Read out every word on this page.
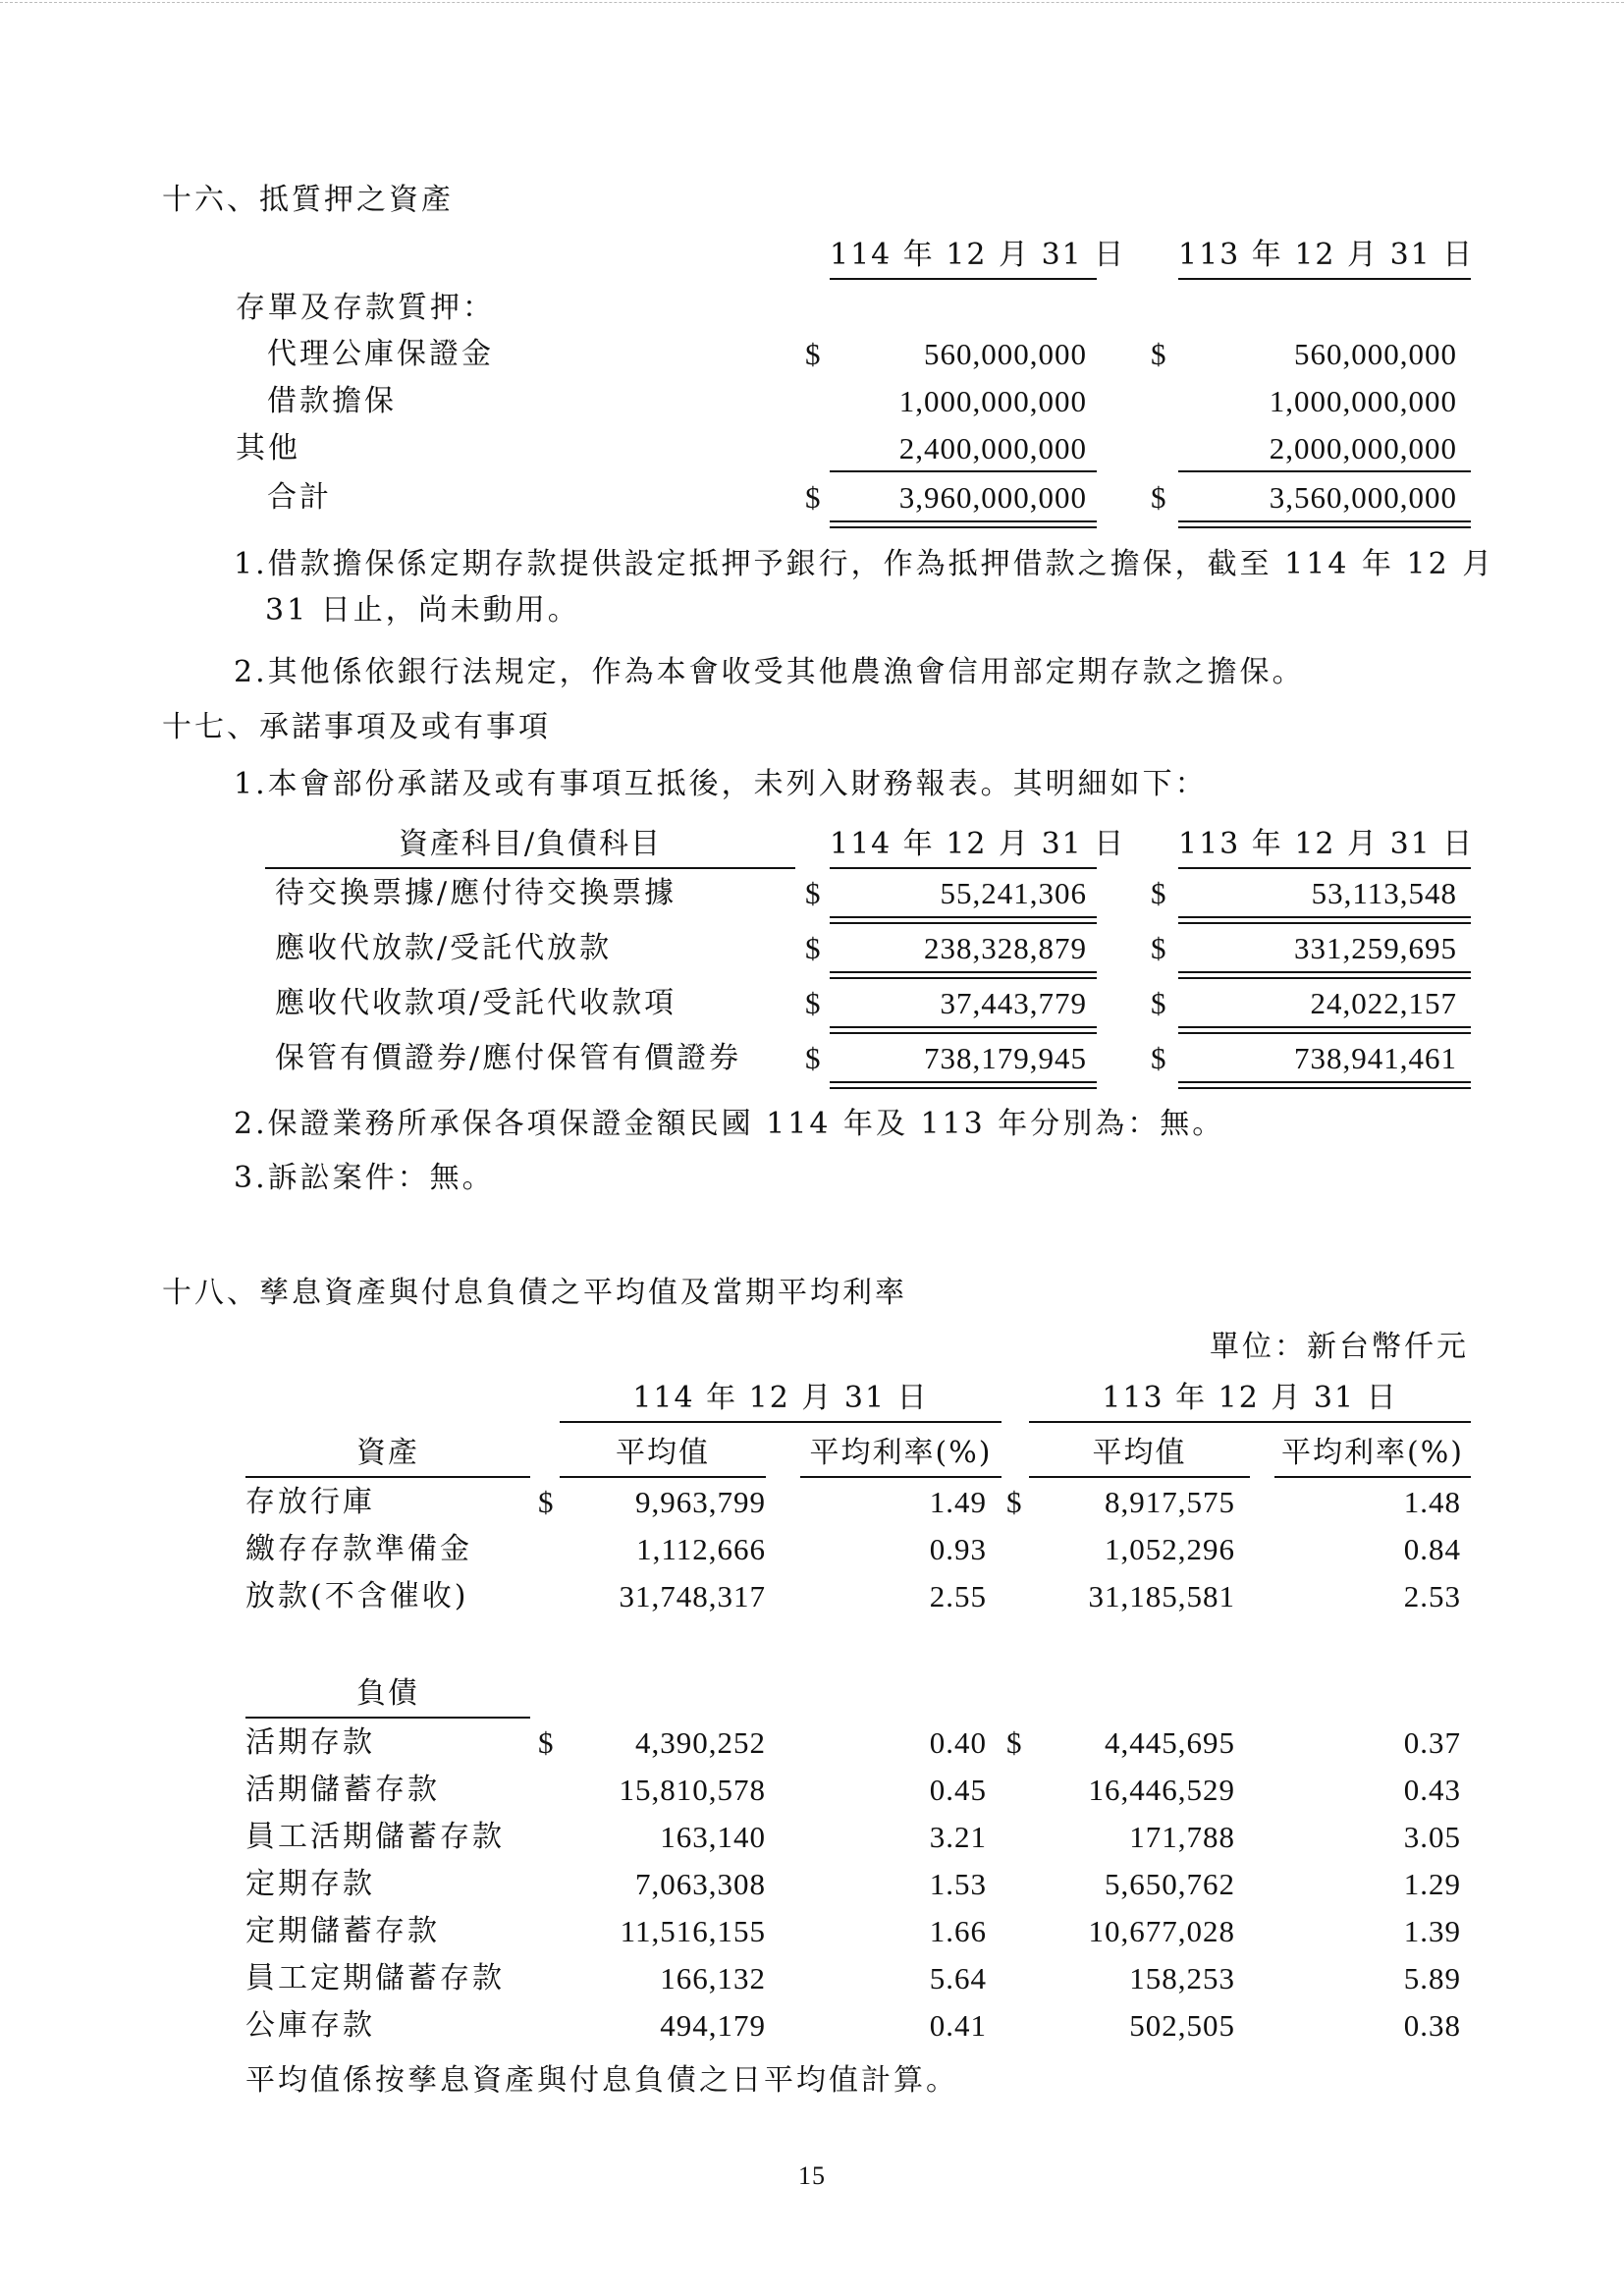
十六、抵質押之資產
114 年 12 月 31 日 113 年 12 月 31 日
存單及存款質押：
代理公庫保證金	$	560,000,000 $	560,000,000
借款擔保	1,000,000,000	1,000,000,000
其他	2,400,000,000	2,000,000,000
合計	$	3,960,000,000 $	3,560,000,000
1.借款擔保係定期存款提供設定抵押予銀行，作為抵押借款之擔保，截至 114 年 12 月
31 日止，尚未動用。
2.其他係依銀行法規定，作為本會收受其他農漁會信用部定期存款之擔保。
十七、承諾事項及或有事項
1.本會部份承諾及或有事項互抵後，未列入財務報表。其明細如下：
資產科目/負債科目	114 年 12 月 31 日 113 年 12 月 31 日
待交換票據/應付待交換票據	$	55,241,306 $	53,113,548
應收代放款/受託代放款	$	238,328,879 $	331,259,695
應收代收款項/受託代收款項	$	37,443,779 $	24,022,157
保管有價證券/應付保管有價證券 $	738,179,945 $	738,941,461
2.保證業務所承保各項保證金額民國 114 年及 113 年分別為：無。
3.訴訟案件：無。
十八、孳息資產與付息負債之平均值及當期平均利率
單位：新台幣仟元
114 年 12 月 31 日	113 年 12 月 31 日
資產	平均值	平均利率(%)	平均值	平均利率(%)
存放行庫	$	9,963,799	1.49 $	8,917,575	1.48
繳存存款準備金	1,112,666	0.93	1,052,296	0.84
放款(不含催收)	31,748,317	2.55	31,185,581	2.53
負債
活期存款	$	4,390,252	0.40 $	4,445,695	0.37
活期儲蓄存款	15,810,578	0.45	16,446,529	0.43
員工活期儲蓄存款	163,140	3.21	171,788	3.05
定期存款	7,063,308	1.53	5,650,762	1.29
定期儲蓄存款	11,516,155	1.66	10,677,028	1.39
員工定期儲蓄存款	166,132	5.64	158,253	5.89
公庫存款	494,179	0.41	502,505	0.38
平均值係按孳息資產與付息負債之日平均值計算。
15
